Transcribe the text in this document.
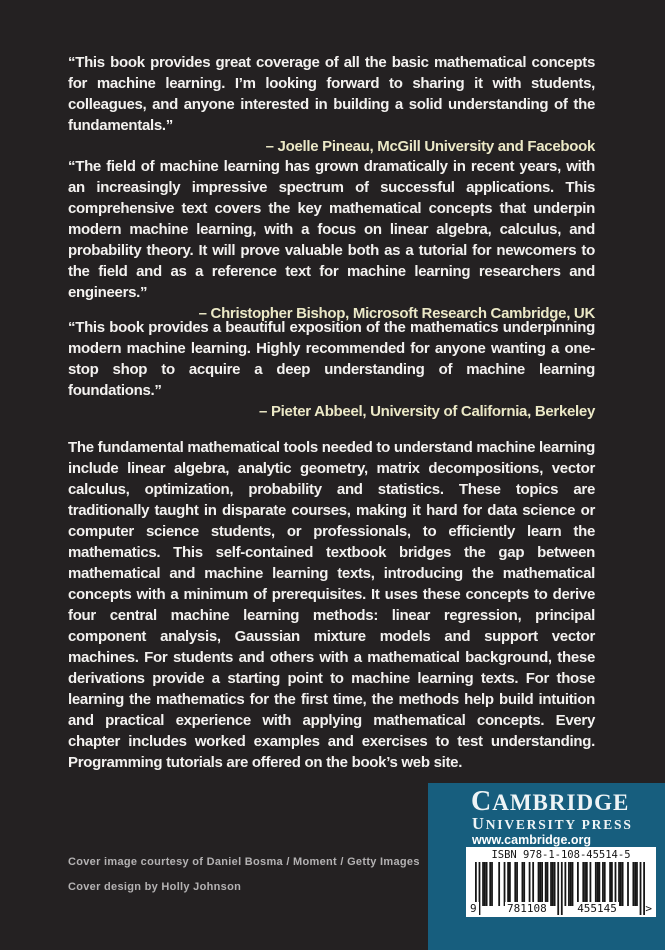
“This book provides great coverage of all the basic mathematical concepts for machine learning. I’m looking forward to sharing it with students, colleagues, and anyone interested in building a solid understanding of the fundamentals.”
– Joelle Pineau, McGill University and Facebook
“The field of machine learning has grown dramatically in recent years, with an increasingly impressive spectrum of successful applications. This comprehensive text covers the key mathematical concepts that underpin modern machine learning, with a focus on linear algebra, calculus, and probability theory. It will prove valuable both as a tutorial for newcomers to the field and as a reference text for machine learning researchers and engineers.”
– Christopher Bishop, Microsoft Research Cambridge, UK
“This book provides a beautiful exposition of the mathematics underpinning modern machine learning. Highly recommended for anyone wanting a one-stop shop to acquire a deep understanding of machine learning foundations.”
– Pieter Abbeel, University of California, Berkeley
The fundamental mathematical tools needed to understand machine learning include linear algebra, analytic geometry, matrix decompositions, vector calculus, optimization, probability and statistics. These topics are traditionally taught in disparate courses, making it hard for data science or computer science students, or professionals, to efficiently learn the mathematics. This self-contained textbook bridges the gap between mathematical and machine learning texts, introducing the mathematical concepts with a minimum of prerequisites. It uses these concepts to derive four central machine learning methods: linear regression, principal component analysis, Gaussian mixture models and support vector machines. For students and others with a mathematical background, these derivations provide a starting point to machine learning texts. For those learning the mathematics for the first time, the methods help build intuition and practical experience with applying mathematical concepts. Every chapter includes worked examples and exercises to test understanding. Programming tutorials are offered on the book’s web site.
Cover image courtesy of Daniel Bosma / Moment / Getty Images
Cover design by Holly Johnson
CAMBRIDGE
UNIVERSITY PRESS
www.cambridge.org
ISBN 978-1-108-45514-5
9	781108	455145	>
